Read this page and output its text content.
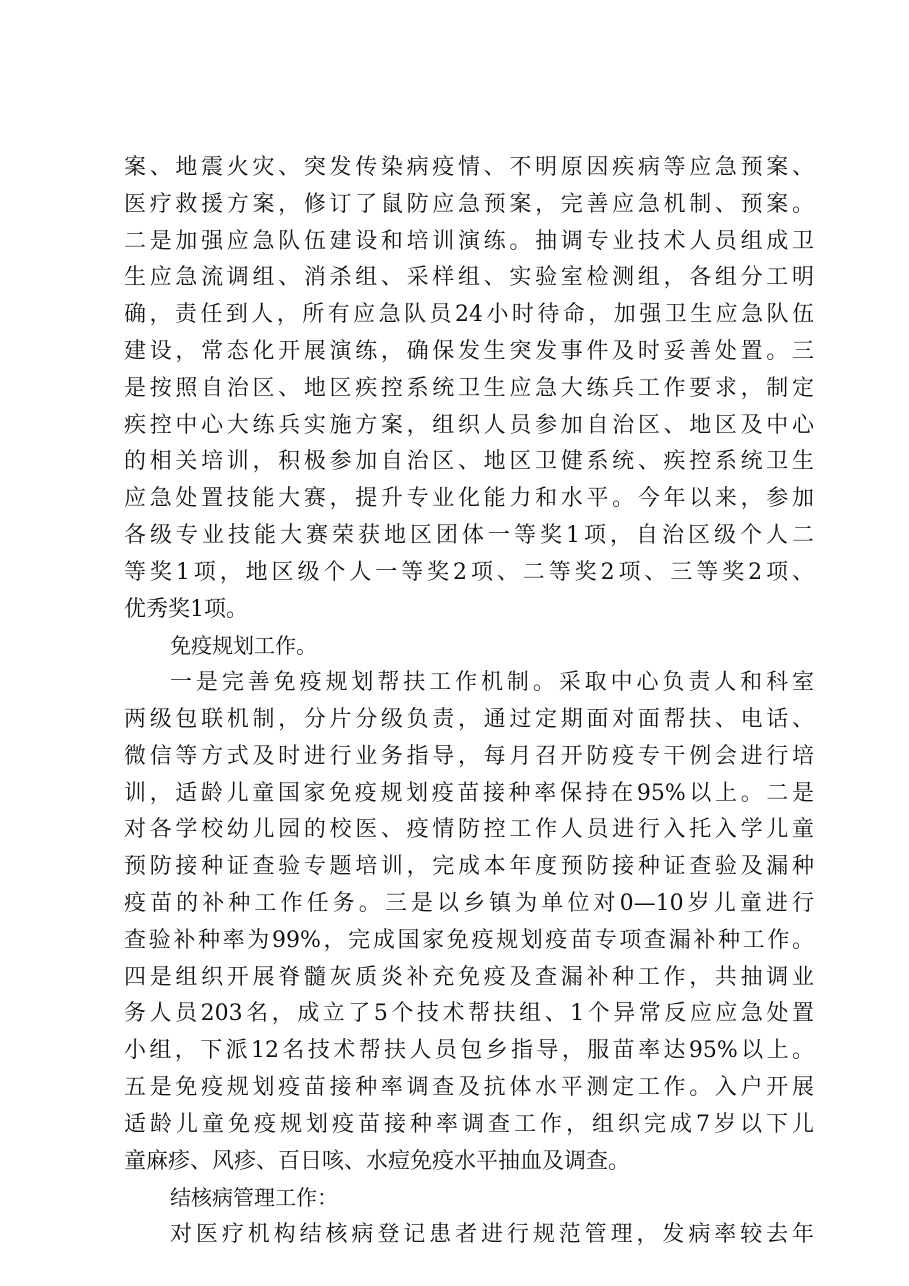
案、地震火灾、突发传染病疫情、不明原因疾病等应急预案、
医疗救援方案，修订了鼠防应急预案，完善应急机制、预案。
二是加强应急队伍建设和培训演练。抽调专业技术人员组成卫
生应急流调组、消杀组、采样组、实验室检测组，各组分工明
确，责任到人，所有应急队员24小时待命，加强卫生应急队伍
建设，常态化开展演练，确保发生突发事件及时妥善处置。三
是按照自治区、地区疾控系统卫生应急大练兵工作要求，制定
疾控中心大练兵实施方案，组织人员参加自治区、地区及中心
的相关培训，积极参加自治区、地区卫健系统、疾控系统卫生
应急处置技能大赛，提升专业化能力和水平。今年以来，参加
各级专业技能大赛荣获地区团体一等奖1项，自治区级个人二
等奖1项，地区级个人一等奖2项、二等奖2项、三等奖2项、
优秀奖1项。
免疫规划工作。
一是完善免疫规划帮扶工作机制。采取中心负责人和科室
两级包联机制，分片分级负责，通过定期面对面帮扶、电话、
微信等方式及时进行业务指导，每月召开防疫专干例会进行培
训，适龄儿童国家免疫规划疫苗接种率保持在95%以上。二是
对各学校幼儿园的校医、疫情防控工作人员进行入托入学儿童
预防接种证查验专题培训，完成本年度预防接种证查验及漏种
疫苗的补种工作任务。三是以乡镇为单位对0—10岁儿童进行
查验补种率为99%，完成国家免疫规划疫苗专项查漏补种工作。
四是组织开展脊髓灰质炎补充免疫及查漏补种工作，共抽调业
务人员203名，成立了5个技术帮扶组、1个异常反应应急处置
小组，下派12名技术帮扶人员包乡指导，服苗率达95%以上。
五是免疫规划疫苗接种率调查及抗体水平测定工作。入户开展
适龄儿童免疫规划疫苗接种率调查工作，组织完成7岁以下儿
童麻疹、风疹、百日咳、水痘免疫水平抽血及调查。
结核病管理工作：
对医疗机构结核病登记患者进行规范管理，发病率较去年
